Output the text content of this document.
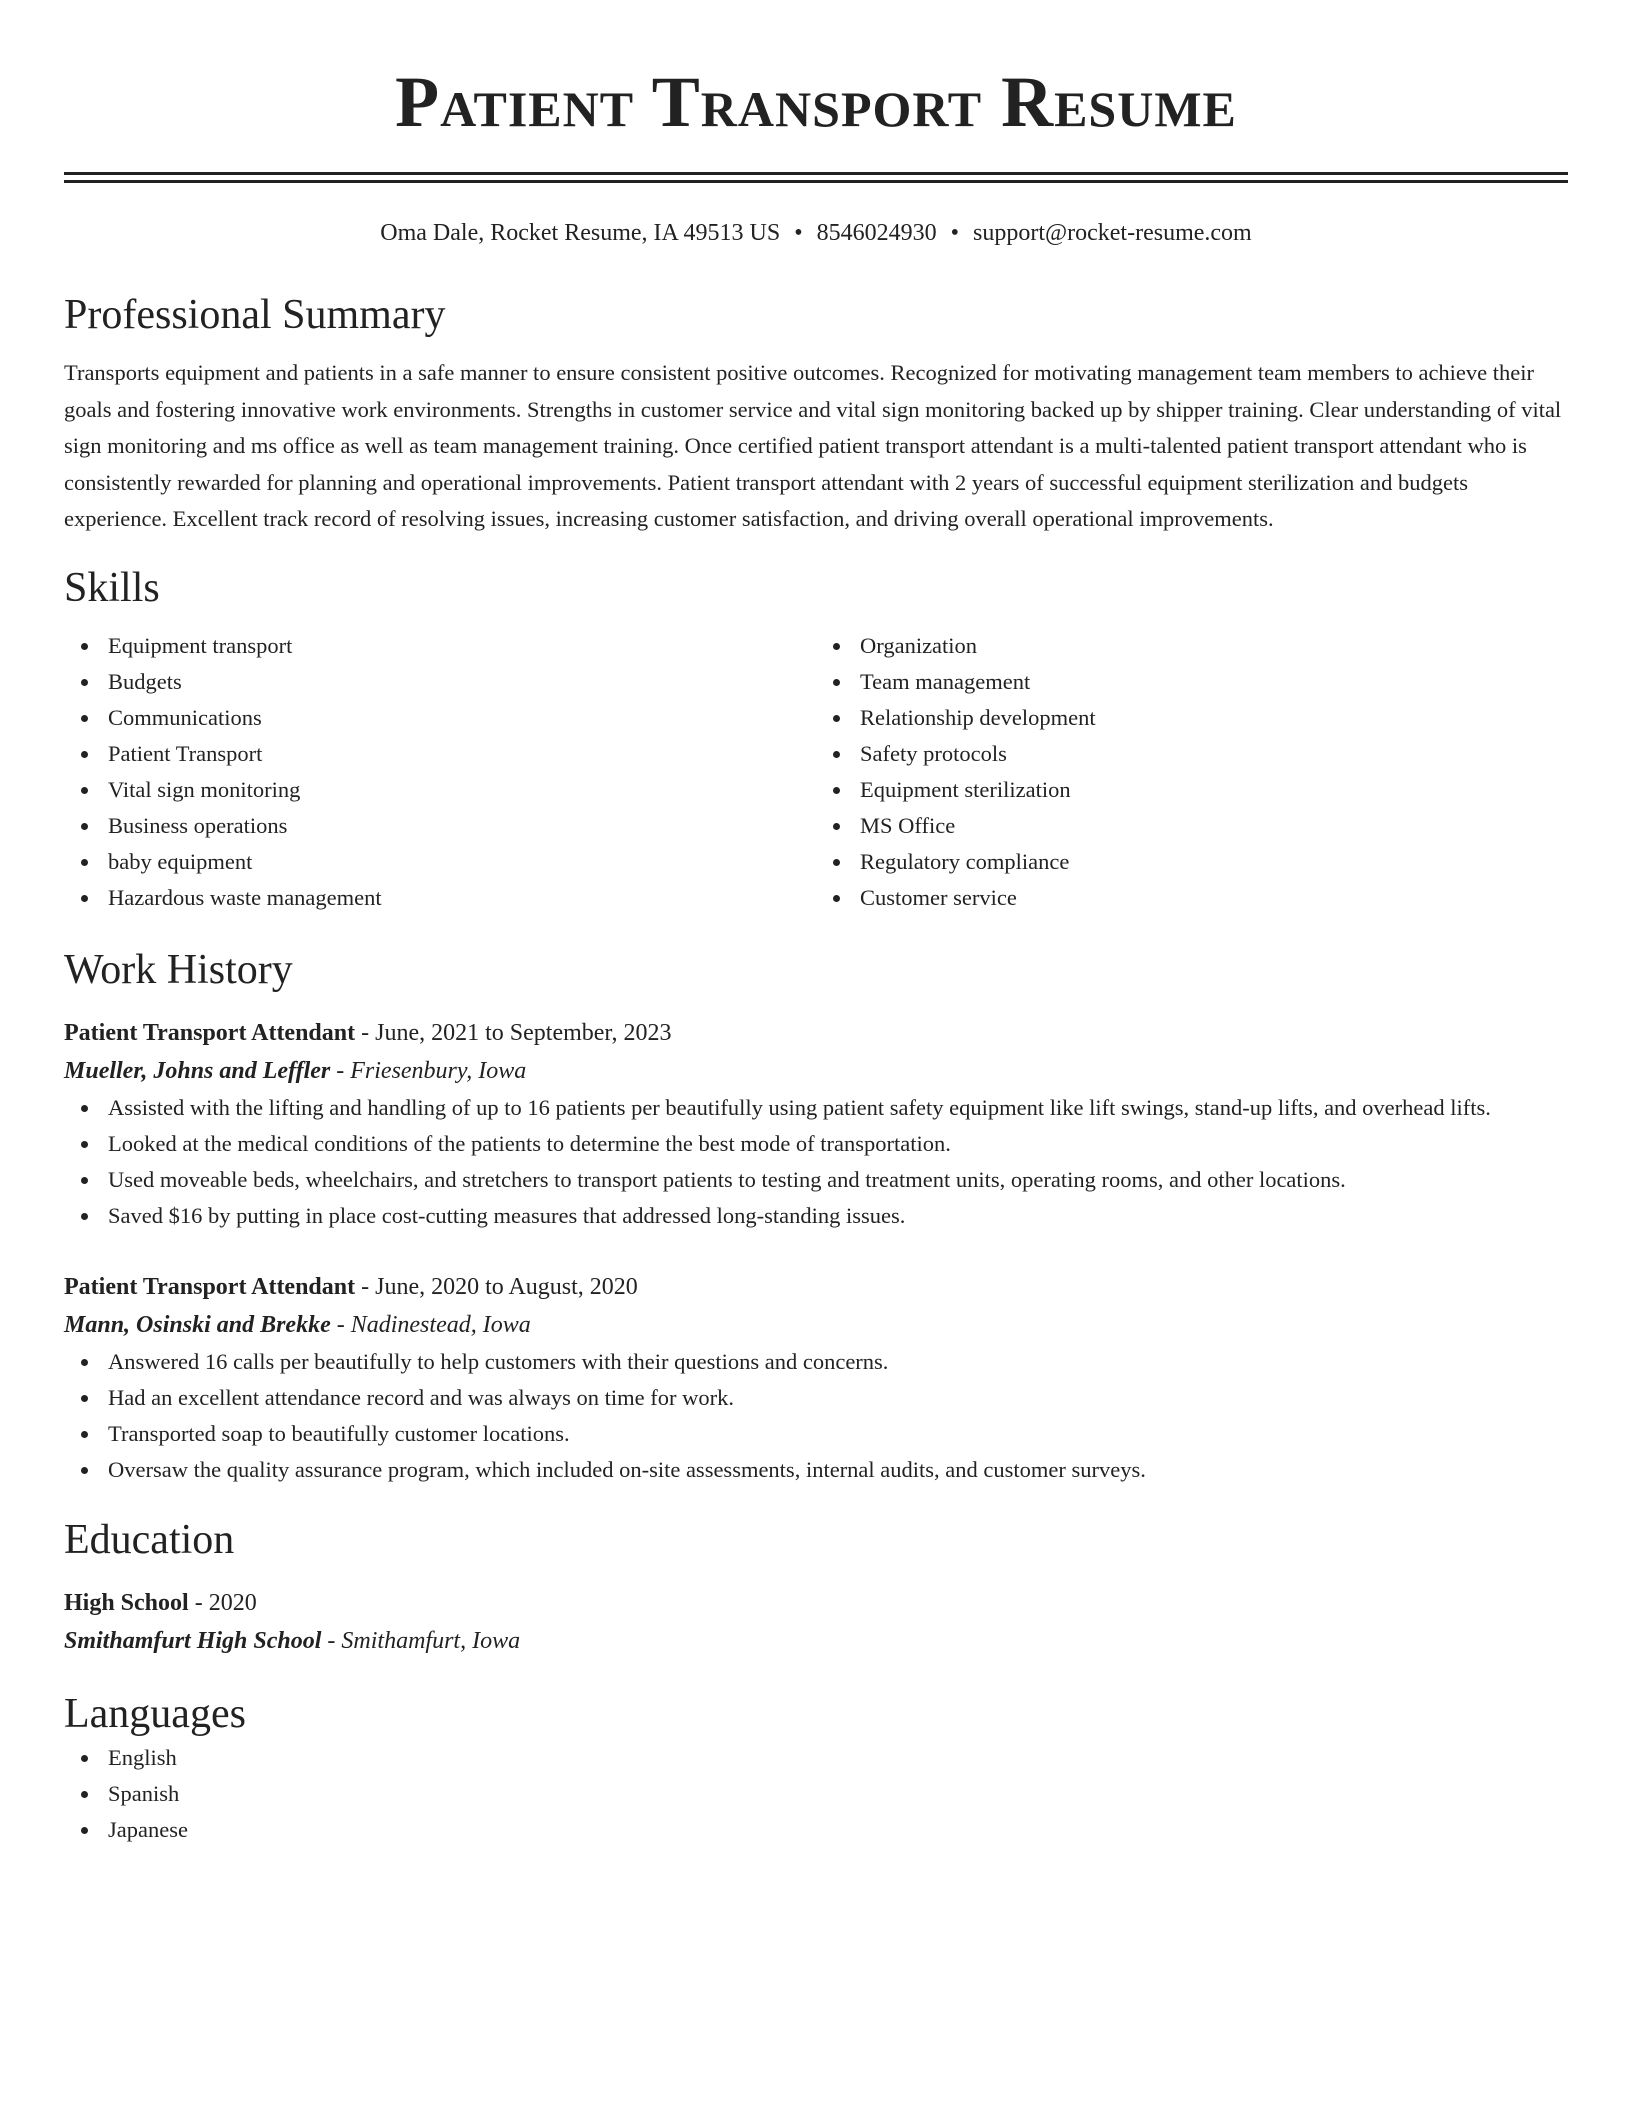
Patient Transport Resume
Oma Dale, Rocket Resume, IA 49513 US • 8546024930 • support@rocket-resume.com
Professional Summary

Transports equipment and patients in a safe manner to ensure consistent positive outcomes. Recognized for motivating management team members to achieve their goals and fostering innovative work environments. Strengths in customer service and vital sign monitoring backed up by shipper training. Clear understanding of vital sign monitoring and ms office as well as team management training. Once certified patient transport attendant is a multi-talented patient transport attendant who is consistently rewarded for planning and operational improvements. Patient transport attendant with 2 years of successful equipment sterilization and budgets experience. Excellent track record of resolving issues, increasing customer satisfaction, and driving overall operational improvements.

Skills
Equipment transport
Budgets
Communications
Patient Transport
Vital sign monitoring
Business operations
baby equipment
Hazardous waste management
Organization
Team management
Relationship development
Safety protocols
Equipment sterilization
MS Office
Regulatory compliance
Customer service
Work History
Patient Transport Attendant - June, 2021 to September, 2023
Mueller, Johns and Leffler - Friesenbury, Iowa
Assisted with the lifting and handling of up to 16 patients per beautifully using patient safety equipment like lift swings, stand-up lifts, and overhead lifts.
Looked at the medical conditions of the patients to determine the best mode of transportation.
Used moveable beds, wheelchairs, and stretchers to transport patients to testing and treatment units, operating rooms, and other locations.
Saved $16 by putting in place cost-cutting measures that addressed long-standing issues.
Patient Transport Attendant - June, 2020 to August, 2020
Mann, Osinski and Brekke - Nadinestead, Iowa
Answered 16 calls per beautifully to help customers with their questions and concerns.
Had an excellent attendance record and was always on time for work.
Transported soap to beautifully customer locations.
Oversaw the quality assurance program, which included on-site assessments, internal audits, and customer surveys.
Education
High School - 2020
Smithamfurt High School - Smithamfurt, Iowa
Languages
English
Spanish
Japanese
